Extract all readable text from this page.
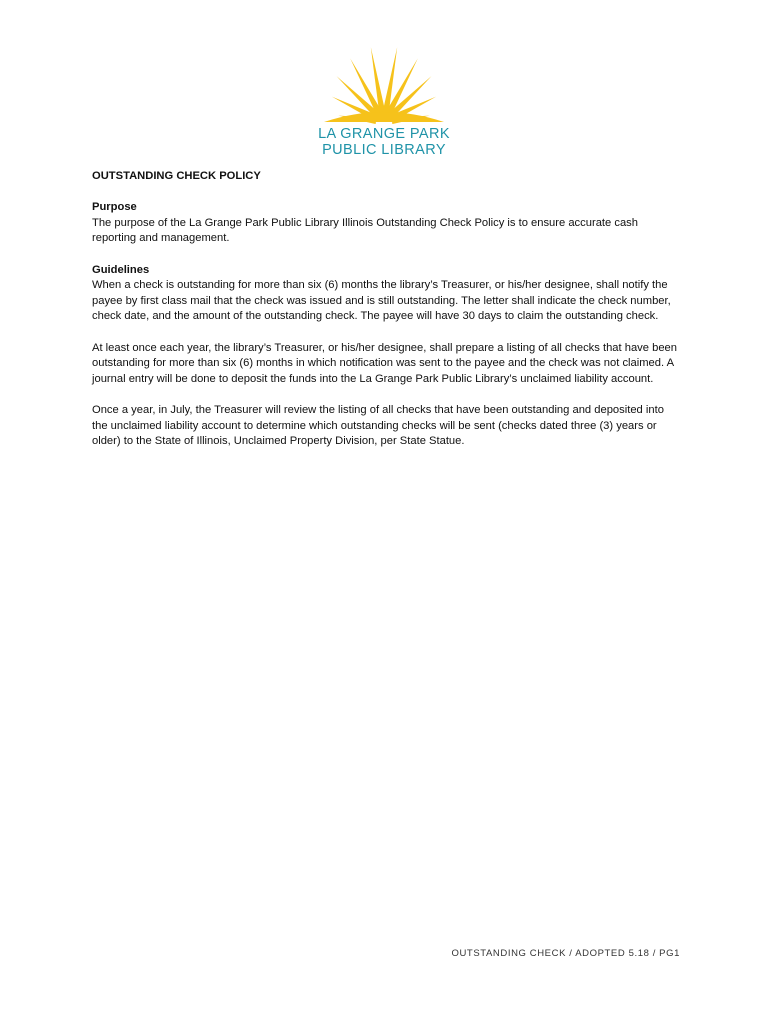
LA GRANGE PARK
PUBLIC LIBRARY

OUTSTANDING CHECK POLICY

Purpose

The purpose of the La Grange Park Public Library Illinois Outstanding Check Policy is to ensure accurate cash reporting and management.

Guidelines

When a check is outstanding for more than six (6) months the library’s Treasurer, or his/her designee, shall notify the payee by first class mail that the check was issued and is still outstanding. The letter shall indicate the check number, check date, and the amount of the outstanding check. The payee will have 30 days to claim the outstanding check.

At least once each year, the library’s Treasurer, or his/her designee, shall prepare a listing of all checks that have been outstanding for more than six (6) months in which notification was sent to the payee and the check was not claimed. A journal entry will be done to deposit the funds into the La Grange Park Public Library’s unclaimed liability account.

Once a year, in July, the Treasurer will review the listing of all checks that have been outstanding and deposited into the unclaimed liability account to determine which outstanding checks will be sent (checks dated three (3) years or older) to the State of Illinois, Unclaimed Property Division, per State Statue.

OUTSTANDING CHECK / ADOPTED 5.18 / PG1
